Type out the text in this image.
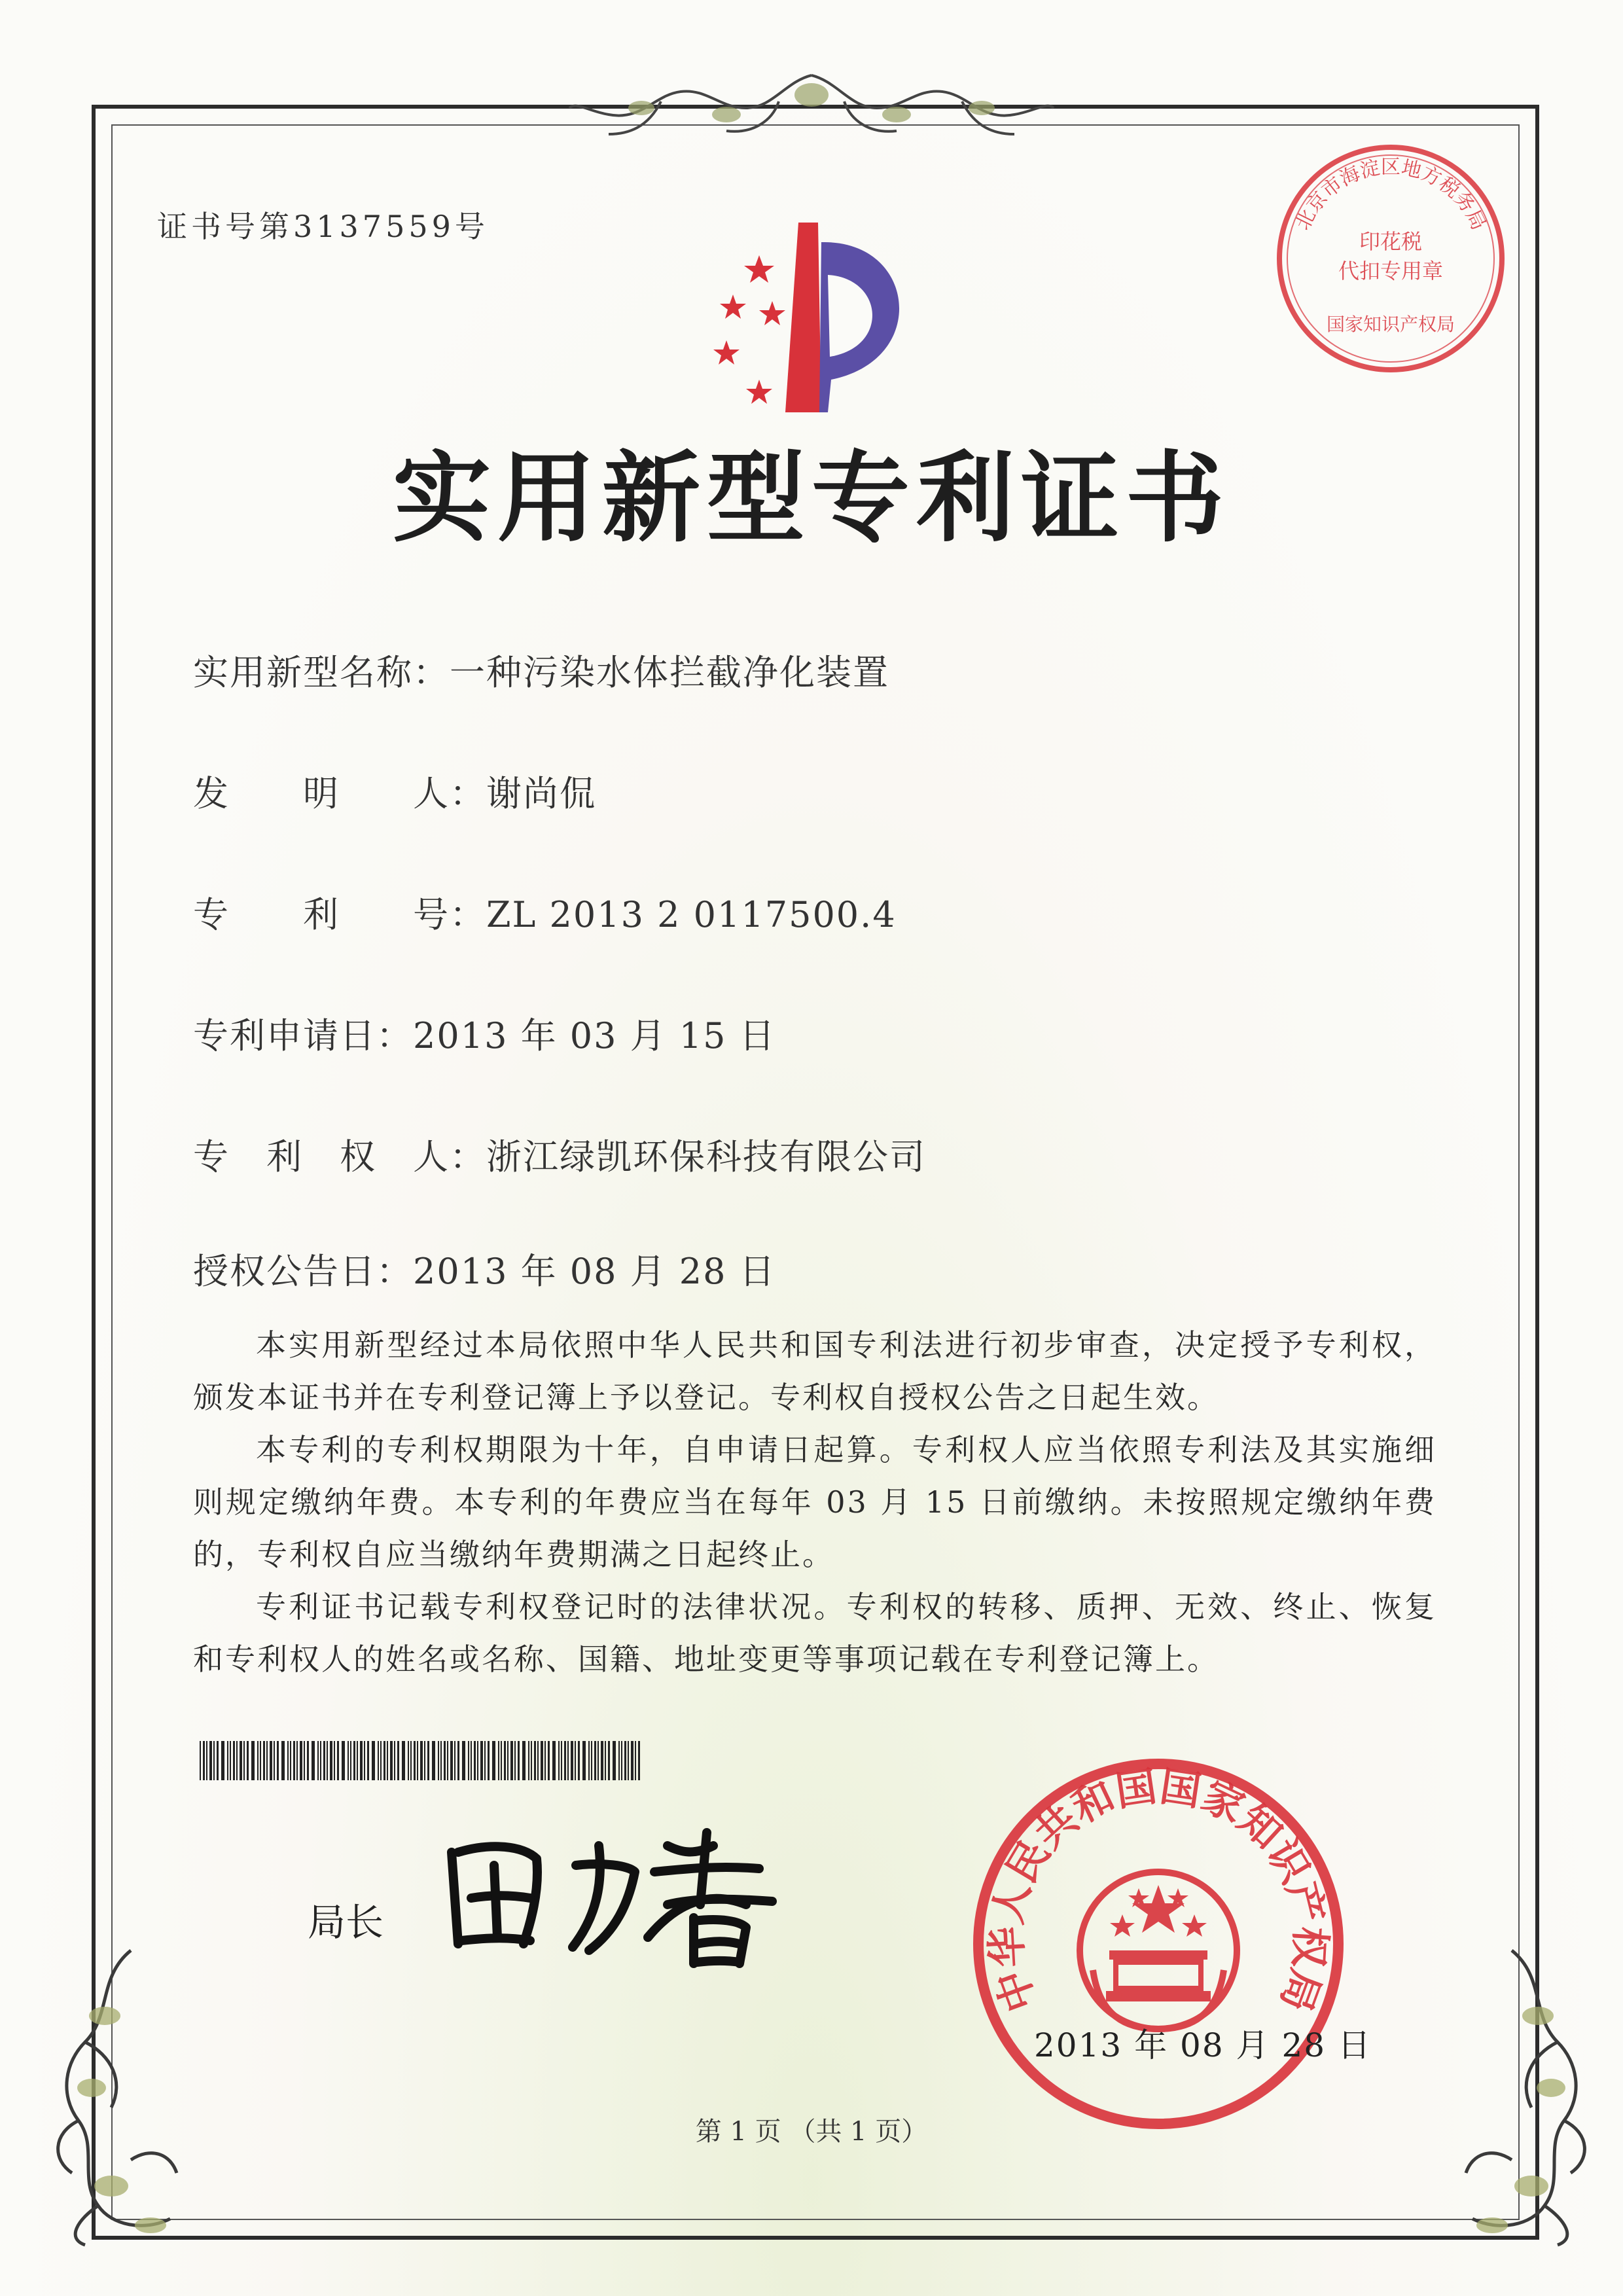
证书号第3137559号	北京市海淀区地方税务局
印花税
代扣专用章
国家知识产权局
实用新型专利证书
实用新型名称：一种污染水体拦截净化装置
发　　明　　人：谢尚侃
专　　利　　号：ZL 2013 2 0117500.4
专利申请日：2013 年 03 月 15 日
专　利　权　人：浙江绿凯环保科技有限公司
授权公告日：2013 年 08 月 28 日

本实用新型经过本局依照中华人民共和国专利法进行初步审查，决定授予专利权，颁发本证书并在专利登记簿上予以登记。专利权自授权公告之日起生效。

本专利的专利权期限为十年，自申请日起算。专利权人应当依照专利法及其实施细则规定缴纳年费。本专利的年费应当在每年 03 月 15 日前缴纳。未按照规定缴纳年费的，专利权自应当缴纳年费期满之日起终止。

专利证书记载专利权登记时的法律状况。专利权的转移、质押、无效、终止、恢复和专利权人的姓名或名称、国籍、地址变更等事项记载在专利登记簿上。

局长
中华人民共和国国家知识产权局
2013 年 08 月 28 日
第 1 页 （共 1 页）
